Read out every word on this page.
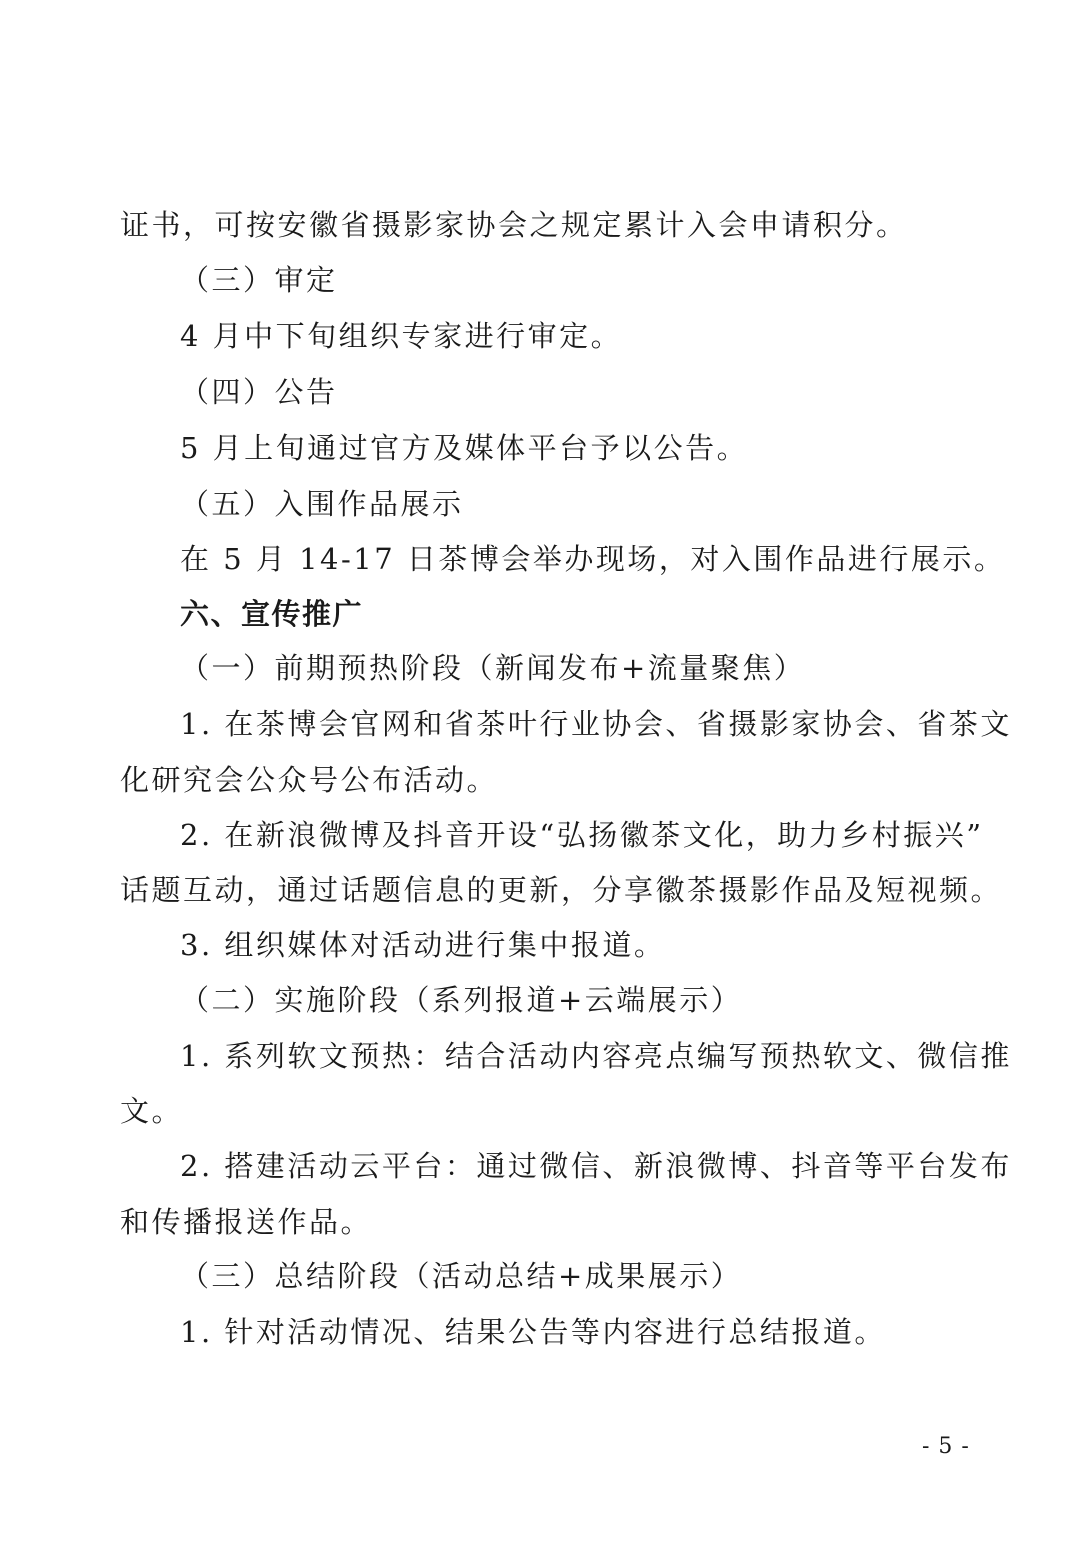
证书，可按安徽省摄影家协会之规定累计入会申请积分。
（三）审定
4 月中下旬组织专家进行审定。
（四）公告
5 月上旬通过官方及媒体平台予以公告。
（五）入围作品展示
在 5 月 14-17 日茶博会举办现场，对入围作品进行展示。
六、宣传推广
（一）前期预热阶段（新闻发布+流量聚焦）
1. 在茶博会官网和省茶叶行业协会、省摄影家协会、省茶文
化研究会公众号公布活动。
2. 在新浪微博及抖音开设“弘扬徽茶文化，助力乡村振兴”
话题互动，通过话题信息的更新，分享徽茶摄影作品及短视频。
3. 组织媒体对活动进行集中报道。
（二）实施阶段（系列报道+云端展示）
1. 系列软文预热：结合活动内容亮点编写预热软文、微信推
文。
2. 搭建活动云平台：通过微信、新浪微博、抖音等平台发布
和传播报送作品。
（三）总结阶段（活动总结+成果展示）
1. 针对活动情况、结果公告等内容进行总结报道。
- 5 -
